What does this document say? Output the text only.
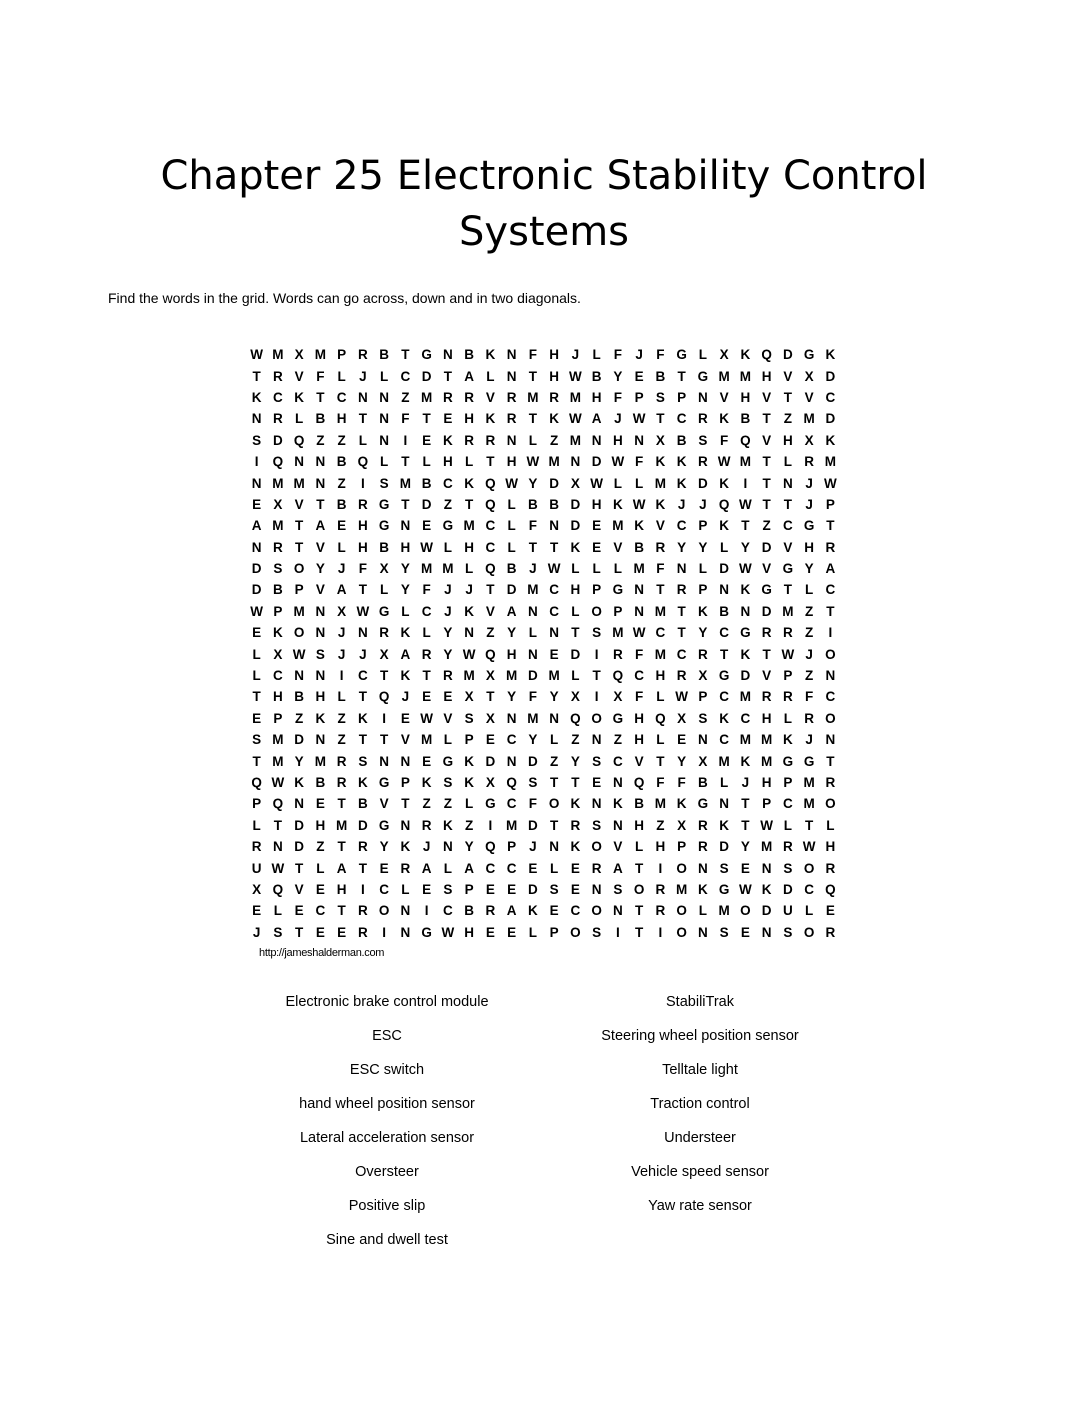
Chapter 25 Electronic Stability Control
Systems
Find the words in the grid. Words can go across, down and in two diagonals.
W M X M P R B T G N B K N F H J L F J F G L X K Q D G K
T R V F L J L C D T A L N T H W B Y E B T G M M H V X D
K C K T C N N Z M R R V R M R M H F P S P N V H V T V C
N R L B H T N F T E H K R T K W A J W T C R K B T Z M D
S D Q Z Z L N	I	E K R R N L Z M N H N X B S F Q V H X K
I	Q N N B Q L T L H L T H W M N D W F K K R W M T L R M
N M M N Z	I	S M B C K Q W Y D X W L L M K D K	I	T N J W
E X V T B R G T D Z T Q L B B D H K W K J	J Q W T T J P
A M T A E H G N E G M C L F N D E M K V C P K T Z C G T
N R T V L H B H W L H C L T T K E V B R Y Y L Y D V H R
D S O Y J F X Y M M L Q B J W L L L M F N L D W V G Y A
D B P V A T L Y F J	J T D M C H P G N T R P N K G T L C
W P M N X W G L C J K V A N C L O P N M T K B N D M Z T
E K O N J N R K L Y N Z Y L N T S M W C T Y C G R R Z	I
L X W S J	J X A R Y W Q H N E D	I	R F M C R T K T W J O
L C N N	I	C T K T R M X M D M L T Q C H R X G D V P Z N
T H B H L T Q J E E X T Y F Y X	I	X F L W P C M R R F C
E P Z K Z K	I	E W V S X N M N Q O G H Q X S K C H L R O
S M D N Z T T V M L P E C Y L Z N Z H L E N C M M K J N
T M Y M R S N N E G K D N D Z Y S C V T Y X M K M G G T
Q W K B R K G P K S K X Q S T T E N Q F F B L J H P M R
P Q N E T B V T Z Z L G C F O K N K B M K G N T P C M O
L T D H M D G N R K Z	I	M D T R S N H Z X R K T W L T L
R N D Z T R Y K J N Y Q P J N K O V L H P R D Y M R W H
U W T L A T E R A L A C C E L E R A T	I	O N S E N S O R
X Q V E H	I	C L E S P E E D S E N S O R M K G W K D C Q
E L E C T R O N	I	C B R A K E C O N T R O L M O D U L E
J S T E E R	I	N G W H E E L P O S	I	T	I	O N S E N S O R
http://jameshalderman.com
Electronic brake control module
ESC
ESC switch
hand wheel position sensor
Lateral acceleration sensor
Oversteer
Positive slip
Sine and dwell test
StabiliTrak
Steering wheel position sensor
Telltale light
Traction control
Understeer
Vehicle speed sensor
Yaw rate sensor
